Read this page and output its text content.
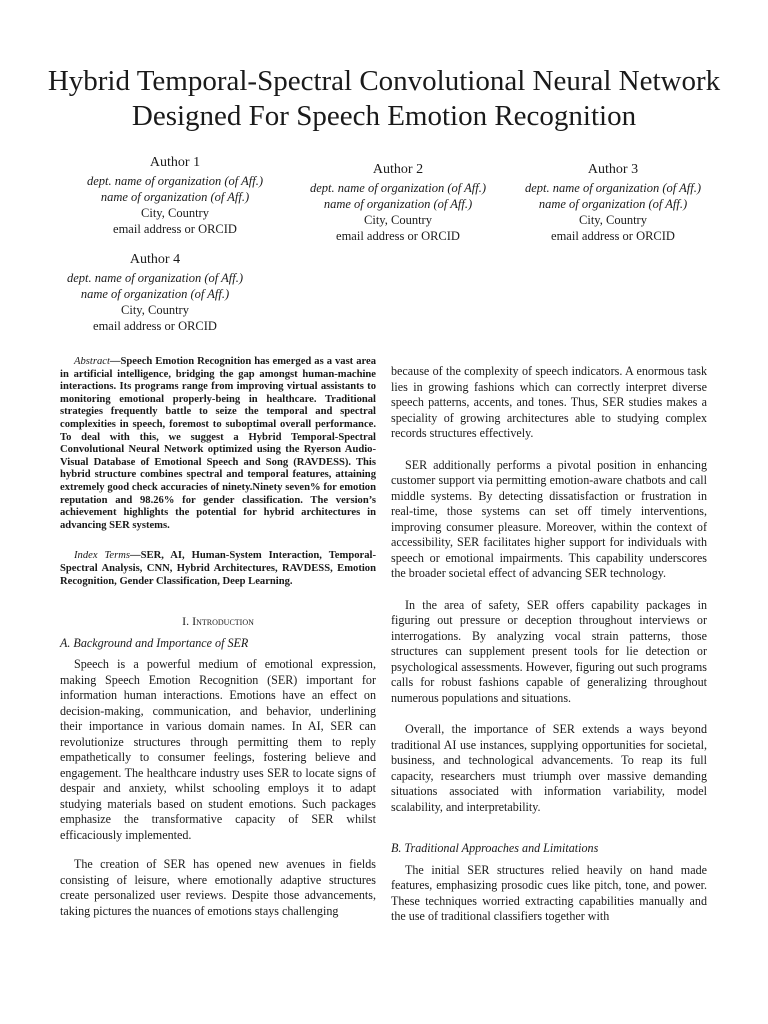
Hybrid Temporal-Spectral Convolutional Neural Network Designed For Speech Emotion Recognition
Author 1
dept. name of organization (of Aff.)
name of organization (of Aff.)
City, Country
email address or ORCID
Author 2
dept. name of organization (of Aff.)
name of organization (of Aff.)
City, Country
email address or ORCID
Author 3
dept. name of organization (of Aff.)
name of organization (of Aff.)
City, Country
email address or ORCID
Author 4
dept. name of organization (of Aff.)
name of organization (of Aff.)
City, Country
email address or ORCID

Abstract—Speech Emotion Recognition has emerged as a vast area in artificial intelligence, bridging the gap amongst human-machine interactions. Its programs range from improving virtual assistants to monitoring emotional properly-being in healthcare. Traditional strategies frequently battle to seize the temporal and spectral complexities in speech, foremost to suboptimal overall performance. To deal with this, we suggest a Hybrid Temporal-Spectral Convolutional Neural Network optimized using the Ryerson Audio-Visual Database of Emotional Speech and Song (RAVDESS). This hybrid structure combines spectral and temporal features, attaining extremely good check accuracies of ninety.Ninety seven% for emotion reputation and 98.26% for gender classification. The version’s achievement highlights the potential for hybrid architectures in advancing SER systems.

Index Terms—SER, AI, Human-System Interaction, Temporal- Spectral Analysis, CNN, Hybrid Architectures, RAVDESS, Emotion Recognition, Gender Classification, Deep Learning.

I. Introduction
A. Background and Importance of SER

Speech is a powerful medium of emotional expression, making Speech Emotion Recognition (SER) important for information human interactions. Emotions have an effect on decision-making, communication, and behavior, underlining their importance in various domain names. In AI, SER can revolutionize structures through permitting them to reply empathetically to consumer feelings, fostering believe and engagement. The healthcare industry uses SER to locate signs of despair and anxiety, whilst schooling employs it to adapt studying materials based on student emotions. Such packages emphasize the transformative capacity of SER whilst efficaciously implemented.

The creation of SER has opened new avenues in fields consisting of leisure, where emotionally adaptive structures create personalized user reviews. Despite those advancements, taking pictures the nuances of emotions stays challenging

because of the complexity of speech indicators. A enormous task lies in growing fashions which can correctly interpret diverse speech patterns, accents, and tones. Thus, SER studies makes a speciality of growing architectures able to studying complex records structures effectively.

SER additionally performs a pivotal position in enhancing customer support via permitting emotion-aware chatbots and call middle systems. By detecting dissatisfaction or frustration in real-time, those systems can set off timely interventions, improving consumer pleasure. Moreover, within the context of accessibility, SER facilitates higher support for individuals with speech or emotional impairments. This capability underscores the broader societal effect of advancing SER technology.

In the area of safety, SER offers capability packages in figuring out pressure or deception throughout interviews or interrogations. By analyzing vocal strain patterns, those structures can supplement present tools for lie detection or psychological assessments. However, figuring out such programs calls for robust fashions capable of generalizing throughout numerous populations and situations.

Overall, the importance of SER extends a ways beyond traditional AI use instances, supplying opportunities for societal, business, and technological advancements. To reap its full capacity, researchers must triumph over massive demanding situations associated with information variability, model scalability, and interpretability.

B. Traditional Approaches and Limitations

The initial SER structures relied heavily on hand made features, emphasizing prosodic cues like pitch, tone, and power. These techniques worried extracting capabilities manually and the use of traditional classifiers together with
